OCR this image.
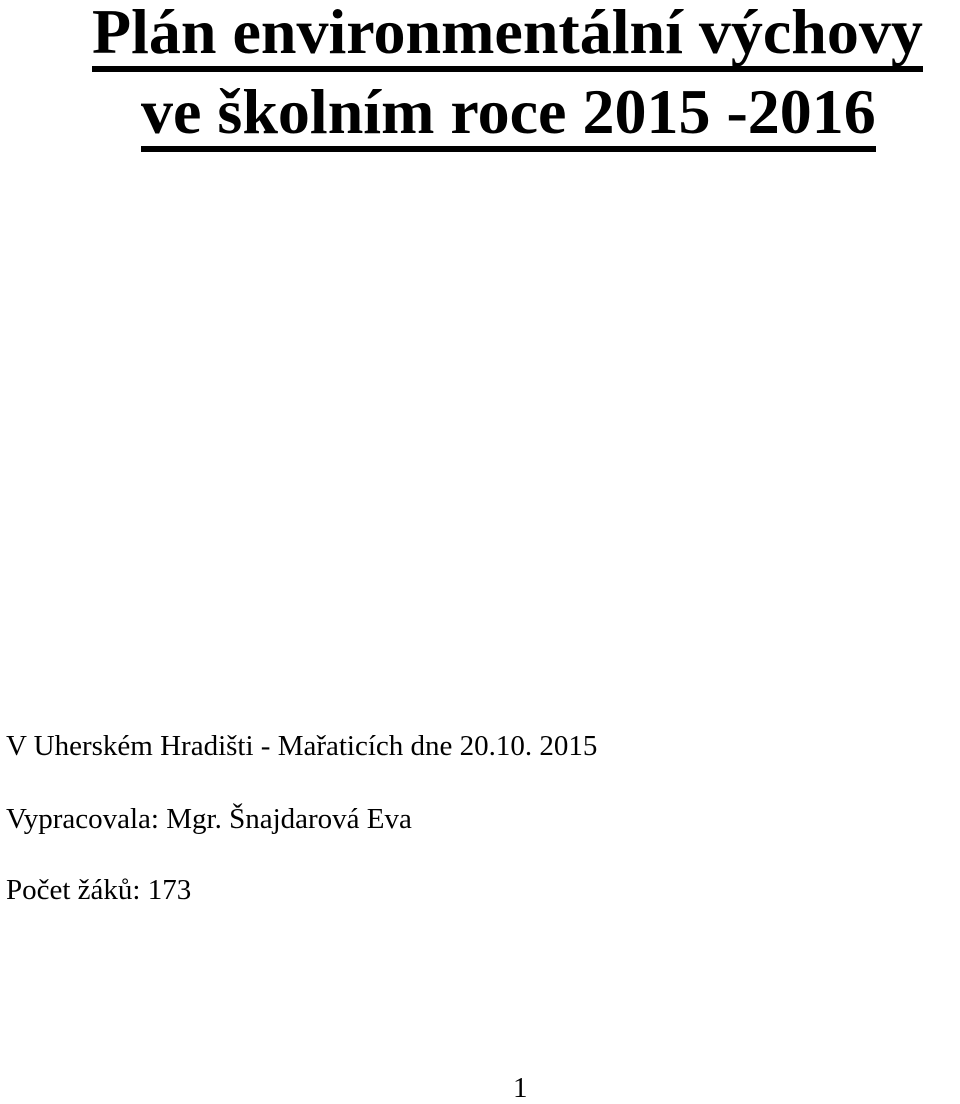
Plán environmentální výchovy
ve školním roce 2015 -2016

V Uherském Hradišti - Mařaticích dne 20.10. 2015

Vypracovala: Mgr. Šnajdarová Eva

Počet žáků: 173

1
